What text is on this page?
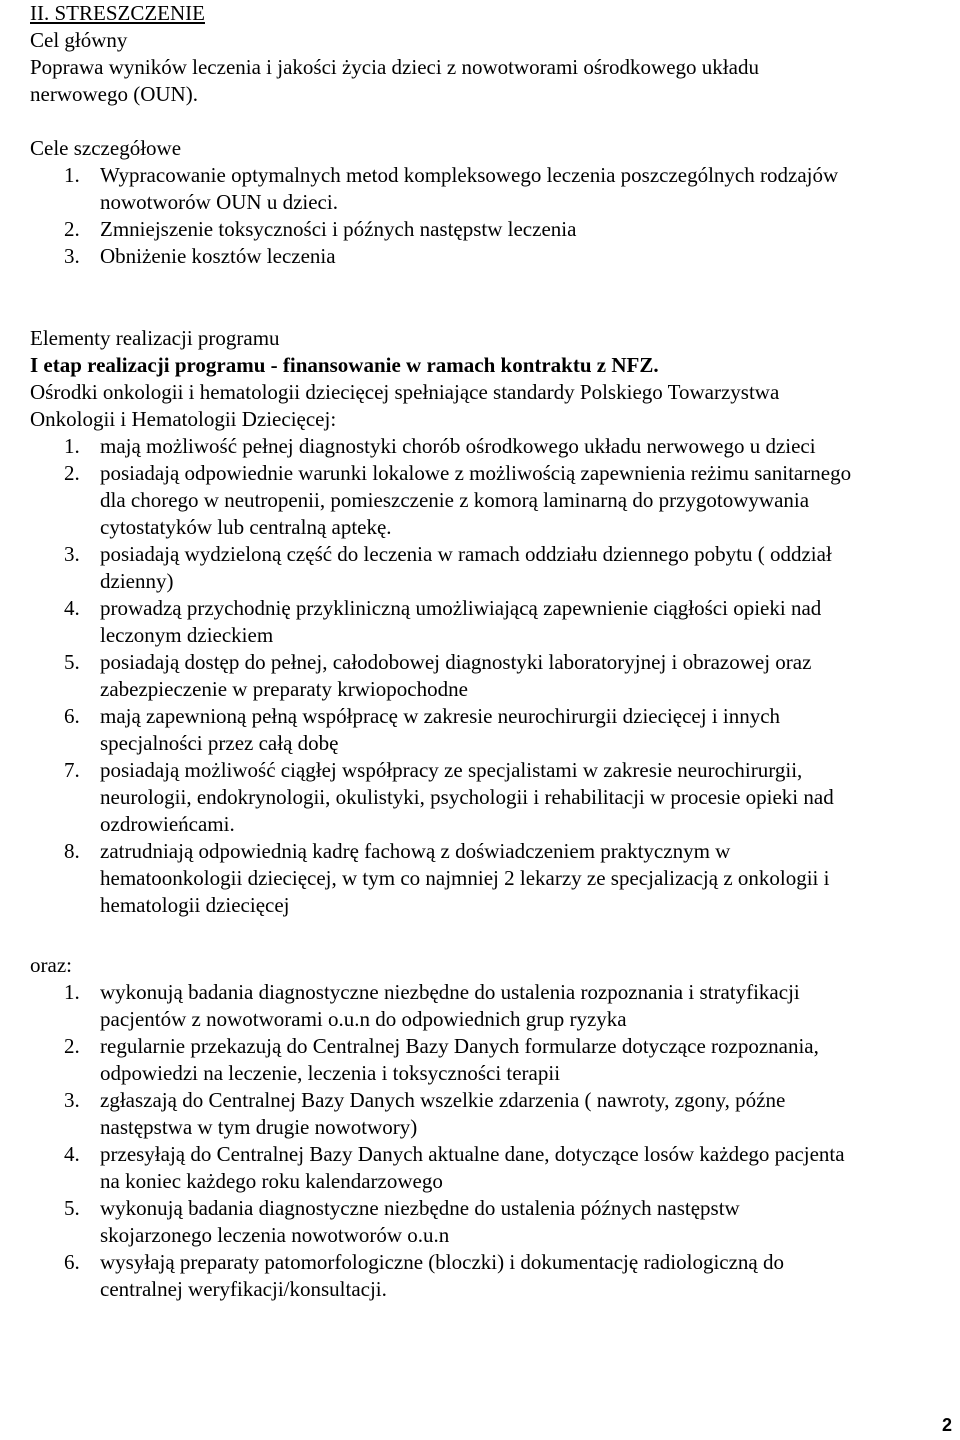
II. STRESZCZENIE
Cel główny
Poprawa wyników leczenia i jakości życia dzieci z nowotworami ośrodkowego układu
nerwowego (OUN).
Cele szczegółowe
1. Wypracowanie optymalnych metod kompleksowego leczenia poszczególnych rodzajów
nowotworów OUN u dzieci.
2. Zmniejszenie toksyczności i późnych następstw leczenia
3. Obniżenie kosztów leczenia
Elementy realizacji programu
I etap realizacji programu - finansowanie w ramach kontraktu z NFZ.
Ośrodki onkologii i hematologii dziecięcej spełniające standardy Polskiego Towarzystwa
Onkologii i Hematologii Dziecięcej:
1. mają możliwość pełnej diagnostyki chorób ośrodkowego układu nerwowego u dzieci
2. posiadają odpowiednie warunki lokalowe z możliwością zapewnienia reżimu sanitarnego
dla chorego w neutropenii, pomieszczenie z komorą laminarną do przygotowywania
cytostatyków lub centralną aptekę.
3. posiadają wydzieloną część do leczenia w ramach oddziału dziennego pobytu ( oddział
dzienny)
4. prowadzą przychodnię przykliniczną umożliwiającą zapewnienie ciągłości opieki nad
leczonym dzieckiem
5. posiadają dostęp do pełnej, całodobowej diagnostyki laboratoryjnej i obrazowej oraz
zabezpieczenie w preparaty krwiopochodne
6. mają zapewnioną pełną współpracę w zakresie neurochirurgii dziecięcej i innych
specjalności przez całą dobę
7. posiadają możliwość ciągłej współpracy ze specjalistami w zakresie neurochirurgii,
neurologii, endokrynologii, okulistyki, psychologii i rehabilitacji w procesie opieki nad
ozdrowieńcami.
8. zatrudniają odpowiednią kadrę fachową z doświadczeniem praktycznym w
hematoonkologii dziecięcej, w tym co najmniej 2 lekarzy ze specjalizacją z onkologii i
hematologii dziecięcej
oraz:
1. wykonują badania diagnostyczne niezbędne do ustalenia rozpoznania i stratyfikacji
pacjentów z nowotworami o.u.n do odpowiednich grup ryzyka
2. regularnie przekazują do Centralnej Bazy Danych formularze dotyczące rozpoznania,
odpowiedzi na leczenie, leczenia i toksyczności terapii
3. zgłaszają do Centralnej Bazy Danych wszelkie zdarzenia ( nawroty, zgony, późne
następstwa w tym drugie nowotwory)
4. przesyłają do Centralnej Bazy Danych aktualne dane, dotyczące losów każdego pacjenta
na koniec każdego roku kalendarzowego
5. wykonują badania diagnostyczne niezbędne do ustalenia późnych następstw
skojarzonego leczenia nowotworów o.u.n
6. wysyłają preparaty patomorfologiczne (bloczki) i dokumentację radiologiczną do
centralnej weryfikacji/konsultacji.
2
